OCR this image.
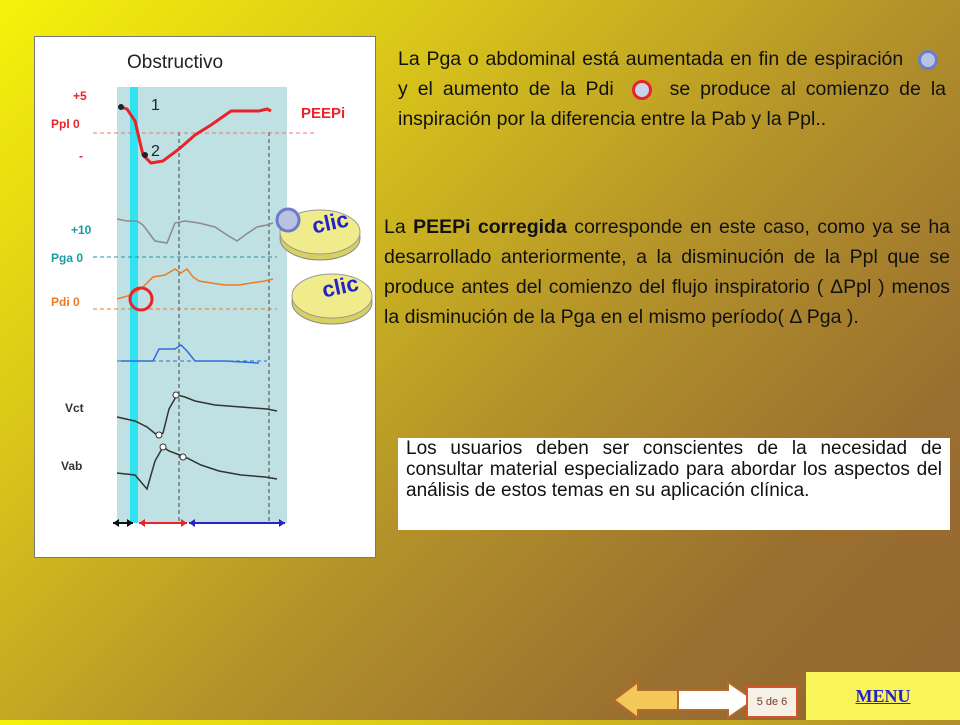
Obstructivo
PEEPi
1
2
+5
Ppl 0
-
+10
Pga 0
Pdi 0
Vct
Vab
clic
clic
La Pga o abdominal está aumentada en fin de espiración  y el aumento de la Pdi	se produce al comienzo de la inspiración por la diferencia entre la Pab y la Ppl..
La PEEPi corregida corresponde en este caso, como ya se ha desarrollado anteriormente, a la disminución de la Ppl que se produce antes del comienzo del flujo inspiratorio ( ΔPpl ) menos la disminución de la Pga en el mismo período( Δ Pga ).
Los usuarios deben ser conscientes de la necesidad de consultar material especializado para abordar los aspectos del análisis de estos temas en su aplicación clínica.
5 de 6	MENU
